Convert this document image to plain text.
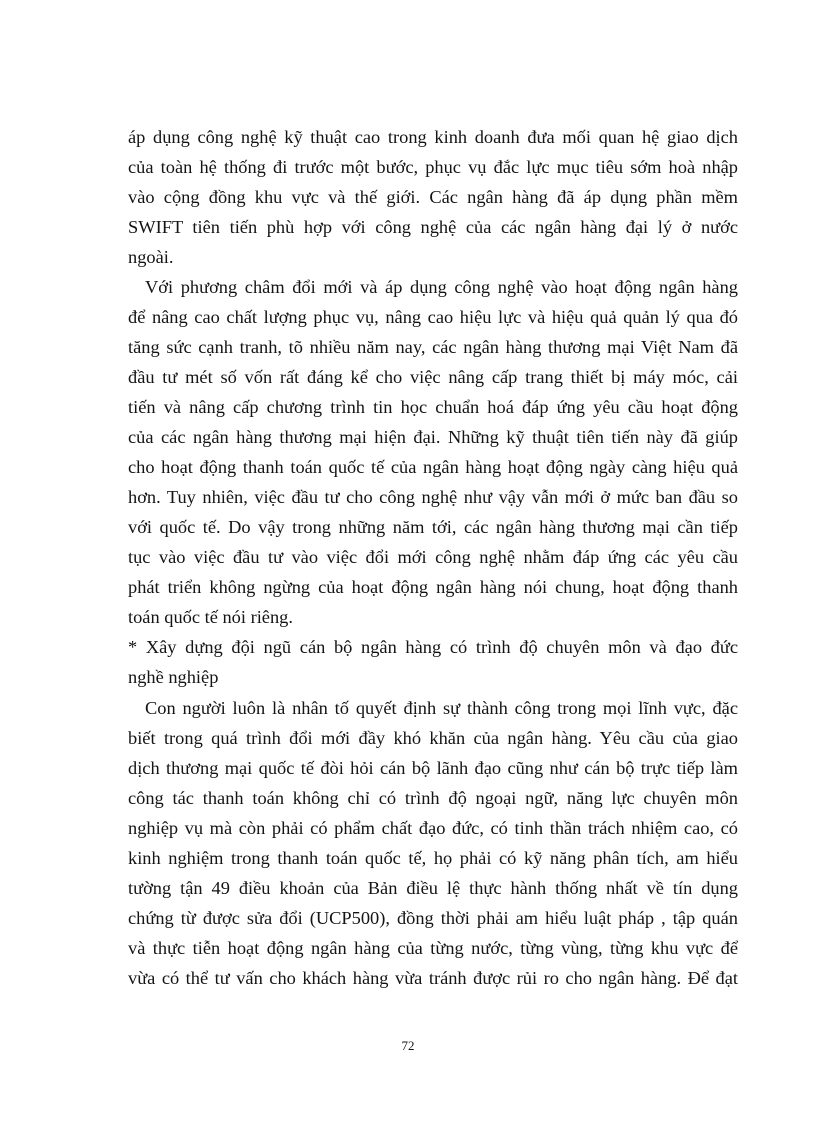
áp dụng công nghệ kỹ thuật cao trong kinh doanh đưa mối quan hệ giao dịch
của toàn hệ thống đi trước một bước, phục vụ đắc lực mục tiêu sớm hoà nhập
vào cộng đồng khu vực và thế giới. Các ngân hàng đã áp dụng phần mềm
SWIFT tiên tiến phù hợp với công nghệ của các ngân hàng đại lý ở nước
ngoài.
Với phương châm đổi mới và áp dụng công nghệ vào hoạt động ngân hàng
để nâng cao chất lượng phục vụ, nâng cao hiệu lực và hiệu quả quản lý qua đó
tăng sức cạnh tranh, tõ nhiều năm nay, các ngân hàng thương mại Việt Nam đã
đầu tư mét số vốn rất đáng kể cho việc nâng cấp trang thiết bị máy móc, cải
tiến và nâng cấp chương trình tin học chuẩn hoá đáp ứng yêu cầu hoạt động
của các ngân hàng thương mại hiện đại. Những kỹ thuật tiên tiến này đã giúp
cho hoạt động thanh toán quốc tế của ngân hàng hoạt động ngày càng hiệu quả
hơn. Tuy nhiên, việc đầu tư cho công nghệ như vậy vẫn mới ở mức ban đầu so
với quốc tế. Do vậy trong những năm tới, các ngân hàng thương mại cần tiếp
tục vào việc đầu tư vào việc đổi mới công nghệ nhằm đáp ứng các yêu cầu
phát triển không ngừng của hoạt động ngân hàng nói chung, hoạt động thanh
toán quốc tế nói riêng.
* Xây dựng đội ngũ cán bộ ngân hàng có trình độ chuyên môn và đạo đức
nghề nghiệp
Con người luôn là nhân tố quyết định sự thành công trong mọi lĩnh vực, đặc
biết trong quá trình đổi mới đầy khó khăn của ngân hàng. Yêu cầu của giao
dịch thương mại quốc tế đòi hỏi cán bộ lãnh đạo cũng như cán bộ trực tiếp làm
công tác thanh toán không chỉ có trình độ ngoại ngữ, năng lực chuyên môn
nghiệp vụ mà còn phải có phẩm chất đạo đức, có tinh thần trách nhiệm cao, có
kinh nghiệm trong thanh toán quốc tế, họ phải có kỹ năng phân tích, am hiểu
tường tận 49 điều khoản của Bản điều lệ thực hành thống nhất về tín dụng
chứng từ được sửa đổi (UCP500), đồng thời phải am hiểu luật pháp , tập quán
và thực tiễn hoạt động ngân hàng của từng nước, từng vùng, từng khu vực để
vừa có thể tư vấn cho khách hàng vừa tránh được rủi ro cho ngân hàng. Để đạt
72
